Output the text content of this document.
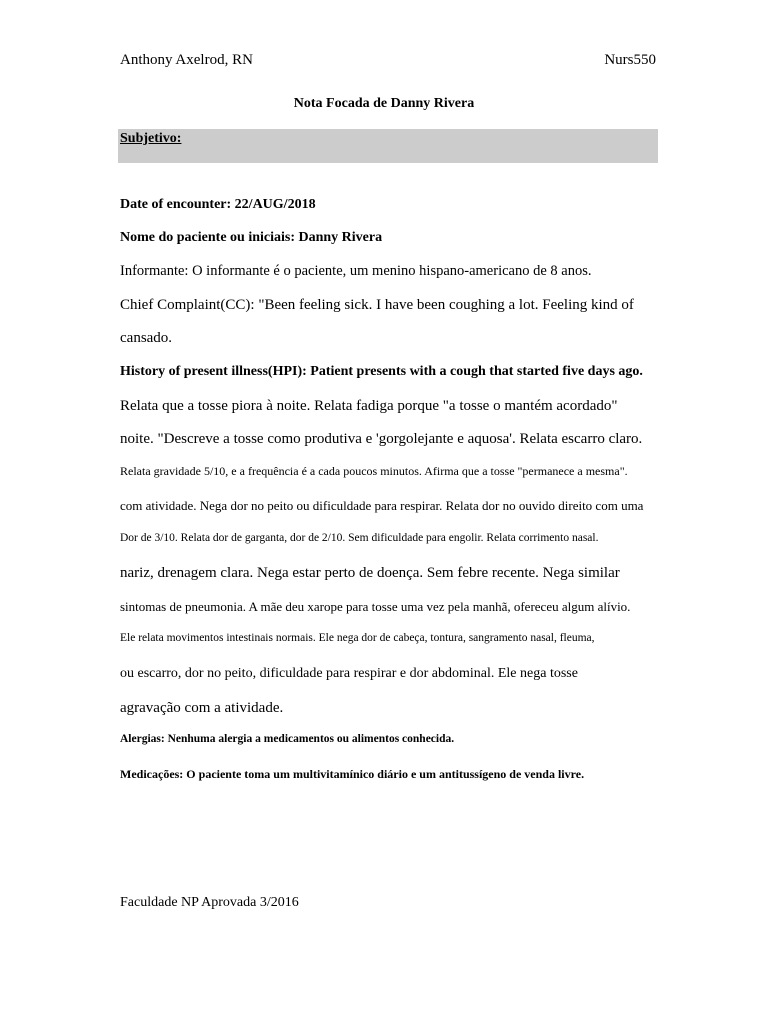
Anthony Axelrod, RN	Nurs550
Nota Focada de Danny Rivera
Subjetivo:
Date of encounter: 22/AUG/2018
Nome do paciente ou iniciais: Danny Rivera
Informante: O informante é o paciente, um menino hispano-americano de 8 anos.
Chief Complaint(CC): "Been feeling sick. I have been coughing a lot. Feeling kind of
cansado.
History of present illness(HPI): Patient presents with a cough that started five days ago.
Relata que a tosse piora à noite. Relata fadiga porque "a tosse o mantém acordado"
noite. "Descreve a tosse como produtiva e 'gorgolejante e aquosa'. Relata escarro claro.
Relata gravidade 5/10, e a frequência é a cada poucos minutos. Afirma que a tosse "permanece a mesma".
com atividade. Nega dor no peito ou dificuldade para respirar. Relata dor no ouvido direito com uma
Dor de 3/10. Relata dor de garganta, dor de 2/10. Sem dificuldade para engolir. Relata corrimento nasal.
nariz, drenagem clara. Nega estar perto de doença. Sem febre recente. Nega similar
sintomas de pneumonia. A mãe deu xarope para tosse uma vez pela manhã, ofereceu algum alívio.
Ele relata movimentos intestinais normais. Ele nega dor de cabeça, tontura, sangramento nasal, fleuma,
ou escarro, dor no peito, dificuldade para respirar e dor abdominal. Ele nega tosse
agravação com a atividade.
Alergias: Nenhuma alergia a medicamentos ou alimentos conhecida.
Medicações: O paciente toma um multivitamínico diário e um antitussígeno de venda livre.
Faculdade NP Aprovada 3/2016
